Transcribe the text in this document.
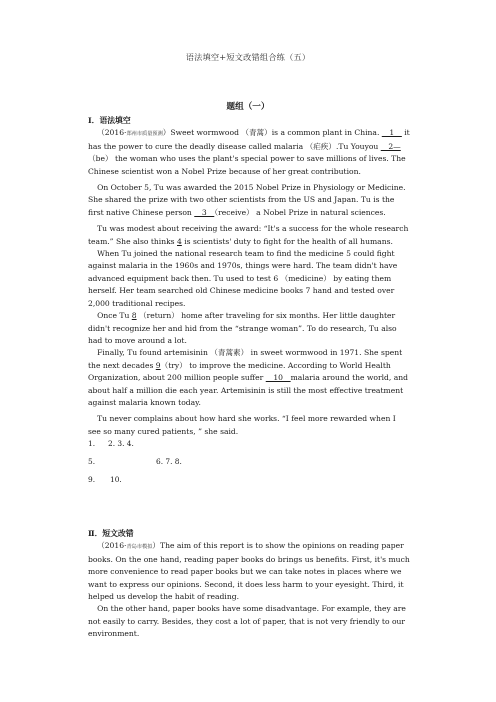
语法填空+短文改错组合练（五）
题组（一）
Ⅰ．语法填空

（2016·郑州市质量预测）Sweet wormwood （青蒿）is a common plant in China. 　1　 it has the power to cure the deadly disease called malaria （疟疾）.Tu Youyou 　2—（be） the woman who uses the plant's special power to save millions of lives. The Chinese scientist won a Nobel Prize because of her great contribution.

On October 5, Tu was awarded the 2015 Nobel Prize in Physiology or Medicine. She shared the prize with two other scientists from the US and Japan. Tu is the first native Chinese person 　3　（receive） a Nobel Prize in natural sciences.

Tu was modest about receiving the award: “It's a success for the whole research team.” She also thinks 4 is scientists' duty to fight for the health of all humans.

When Tu joined the national research team to find the medicine 5 could fight against malaria in the 1960s and 1970s, things were hard. The team didn't have advanced equipment back then. Tu used to test 6 （medicine） by eating them herself. Her team searched old Chinese medicine books 7 hand and tested over 2,000 traditional recipes.

Once Tu 8 （return） home after traveling for six months. Her little daughter didn't recognize her and hid from the “strange woman”. To do research, Tu also had to move around a lot.

Finally, Tu found artemisinin （青蒿素） in sweet wormwood in 1971. She spent the next decades 9（try） to improve the medicine. According to World Health Organization, about 200 million people suffer 　10　malaria around the world, and about half a million die each year. Artemisinin is still the most effective treatment against malaria known today.

Tu never complains about how hard she works. “I feel more rewarded when I see so many cured patients, ” she said.

1.	2. 3. 4.
5.	6. 7. 8.
9.	10.
Ⅱ．短文改错

（2016·青岛市模拟）The aim of this report is to show the opinions on reading paper books. On the one hand, reading paper books do brings us benefits. First, it's much more convenience to read paper books but we can take notes in places where we want to express our opinions. Second, it does less harm to your eyesight. Third, it helped us develop the habit of reading.

On the other hand, paper books have some disadvantage. For example, they are not easily to carry. Besides, they cost a lot of paper, that is not very friendly to our environment.
